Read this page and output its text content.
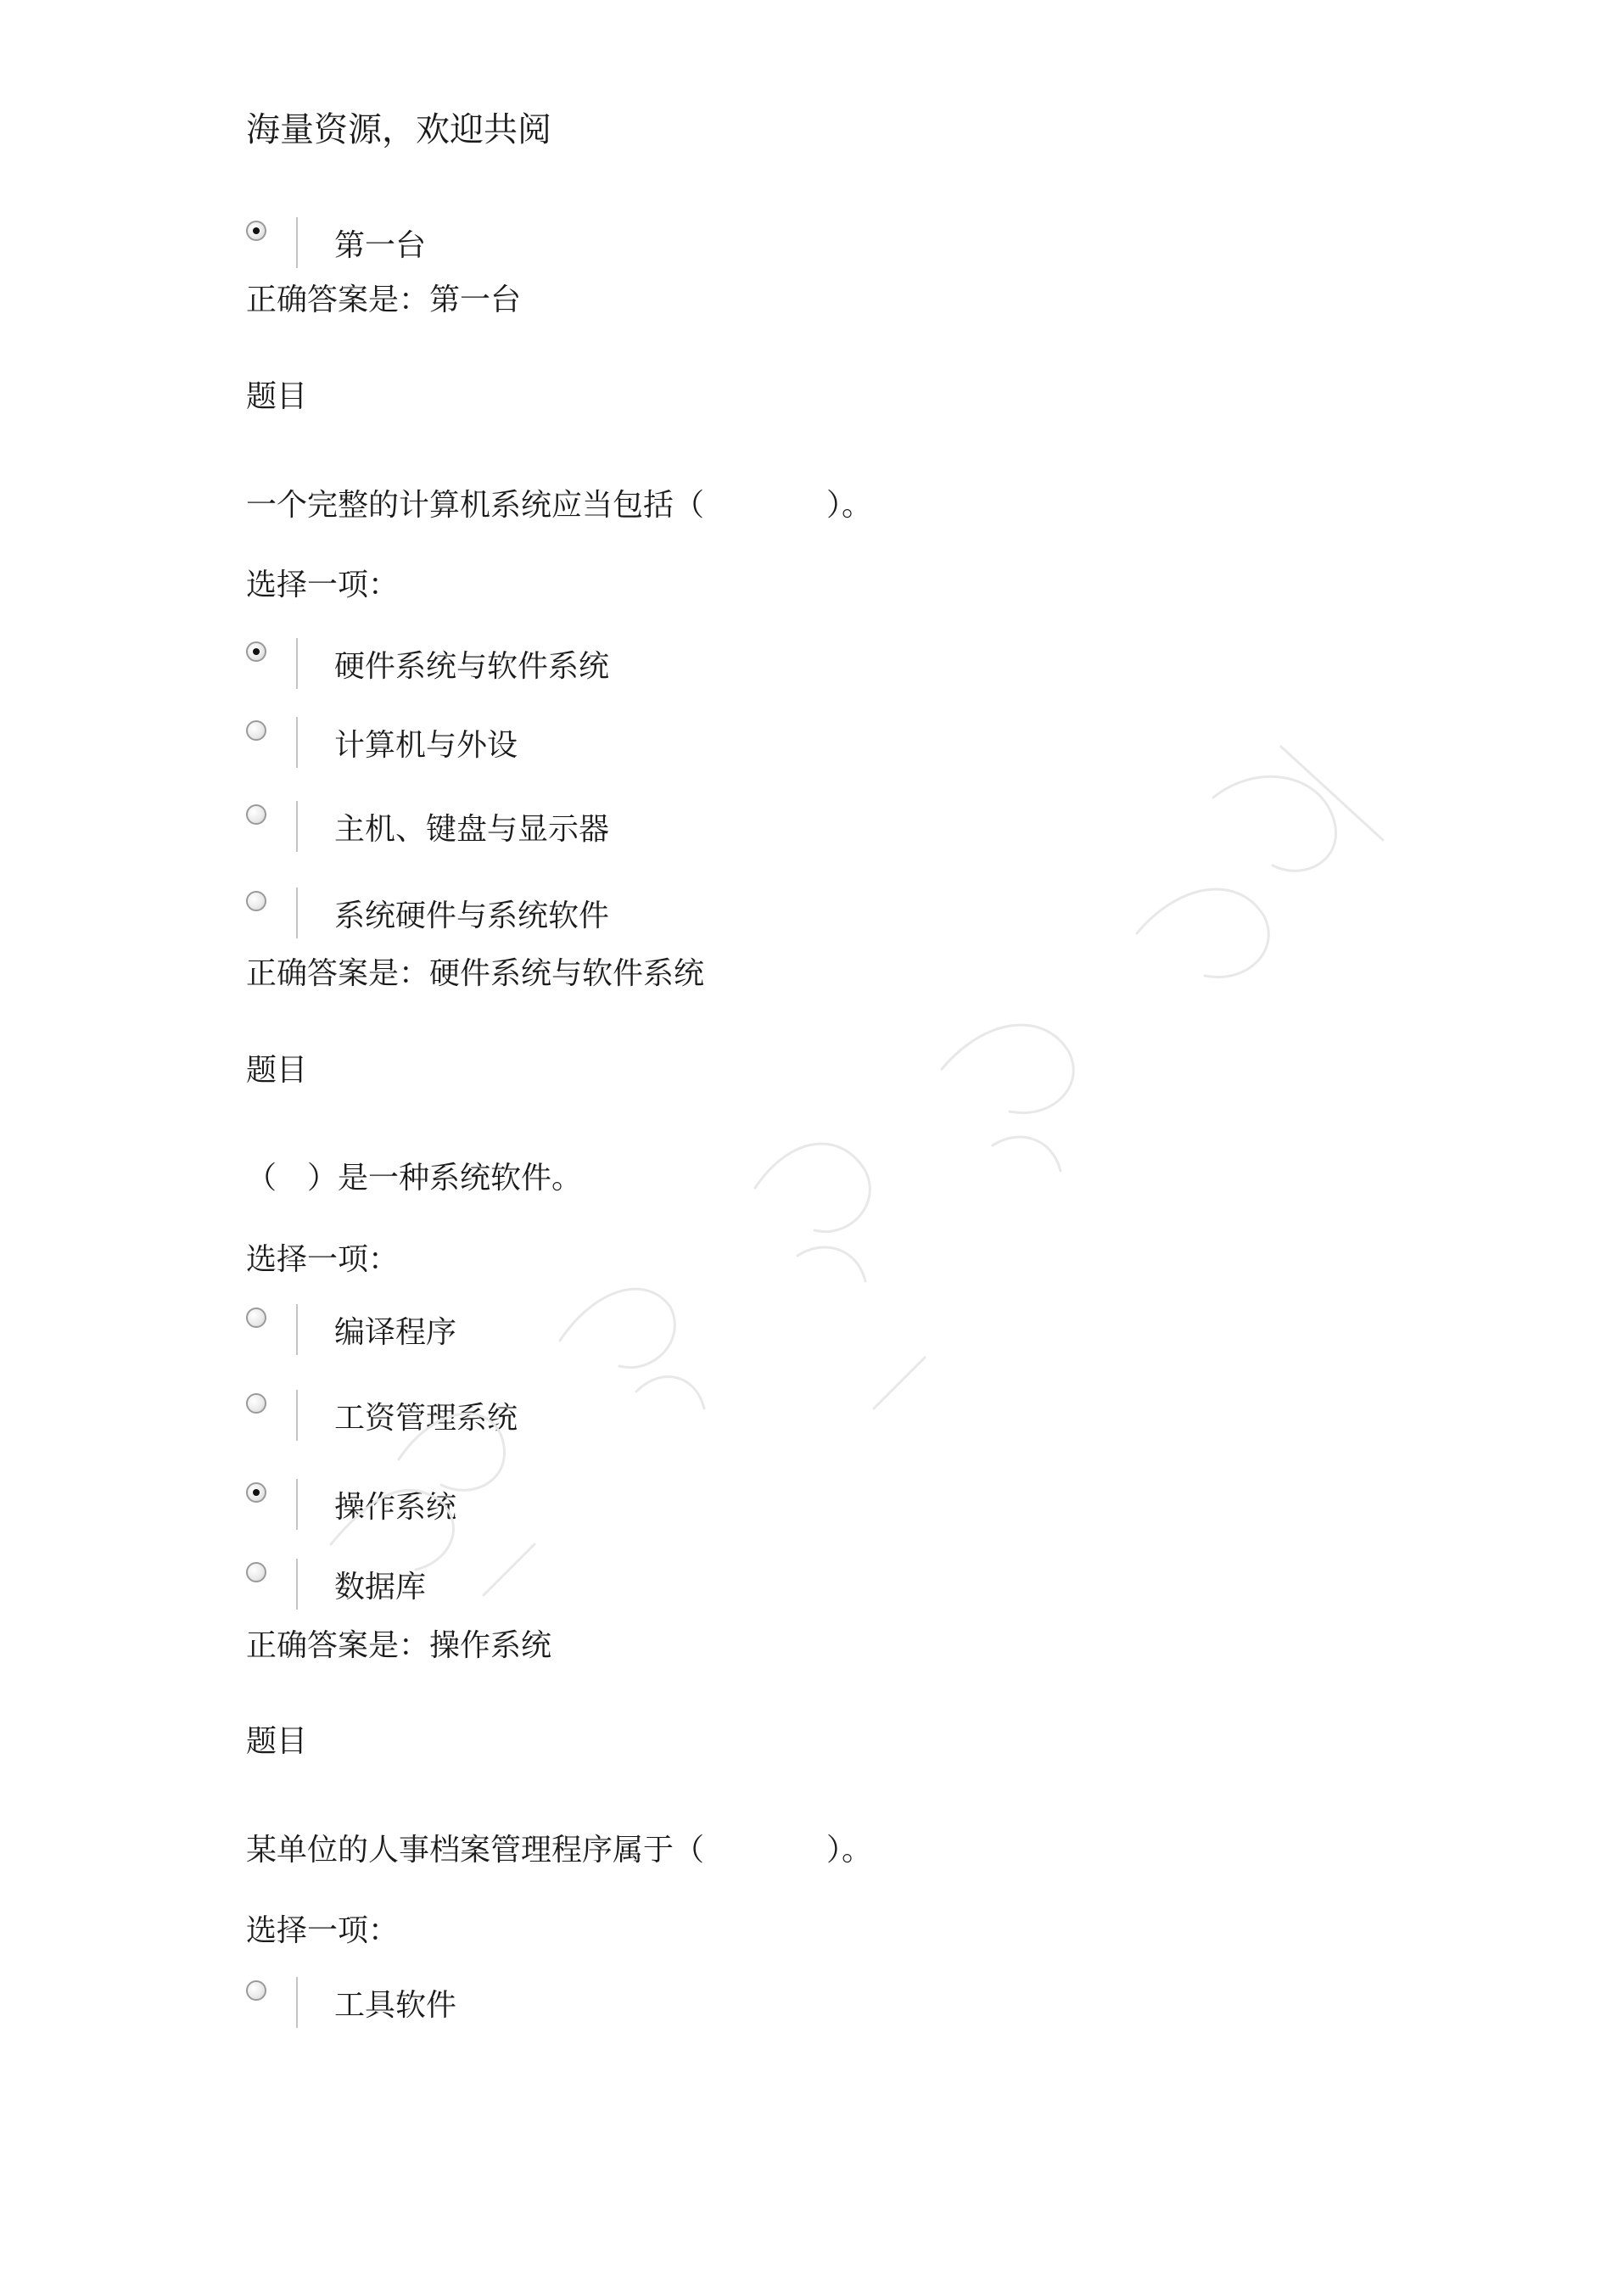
海量资源，欢迎共阅
第一台
正确答案是：第一台
题目
一个完整的计算机系统应当包括（　　　　）。
选择一项：
硬件系统与软件系统
计算机与外设
主机、键盘与显示器
系统硬件与系统软件
正确答案是：硬件系统与软件系统
题目
（　）是一种系统软件。
选择一项：
编译程序
工资管理系统
操作系统
数据库
正确答案是：操作系统
题目
某单位的人事档案管理程序属于（　　　　）。
选择一项：
工具软件
